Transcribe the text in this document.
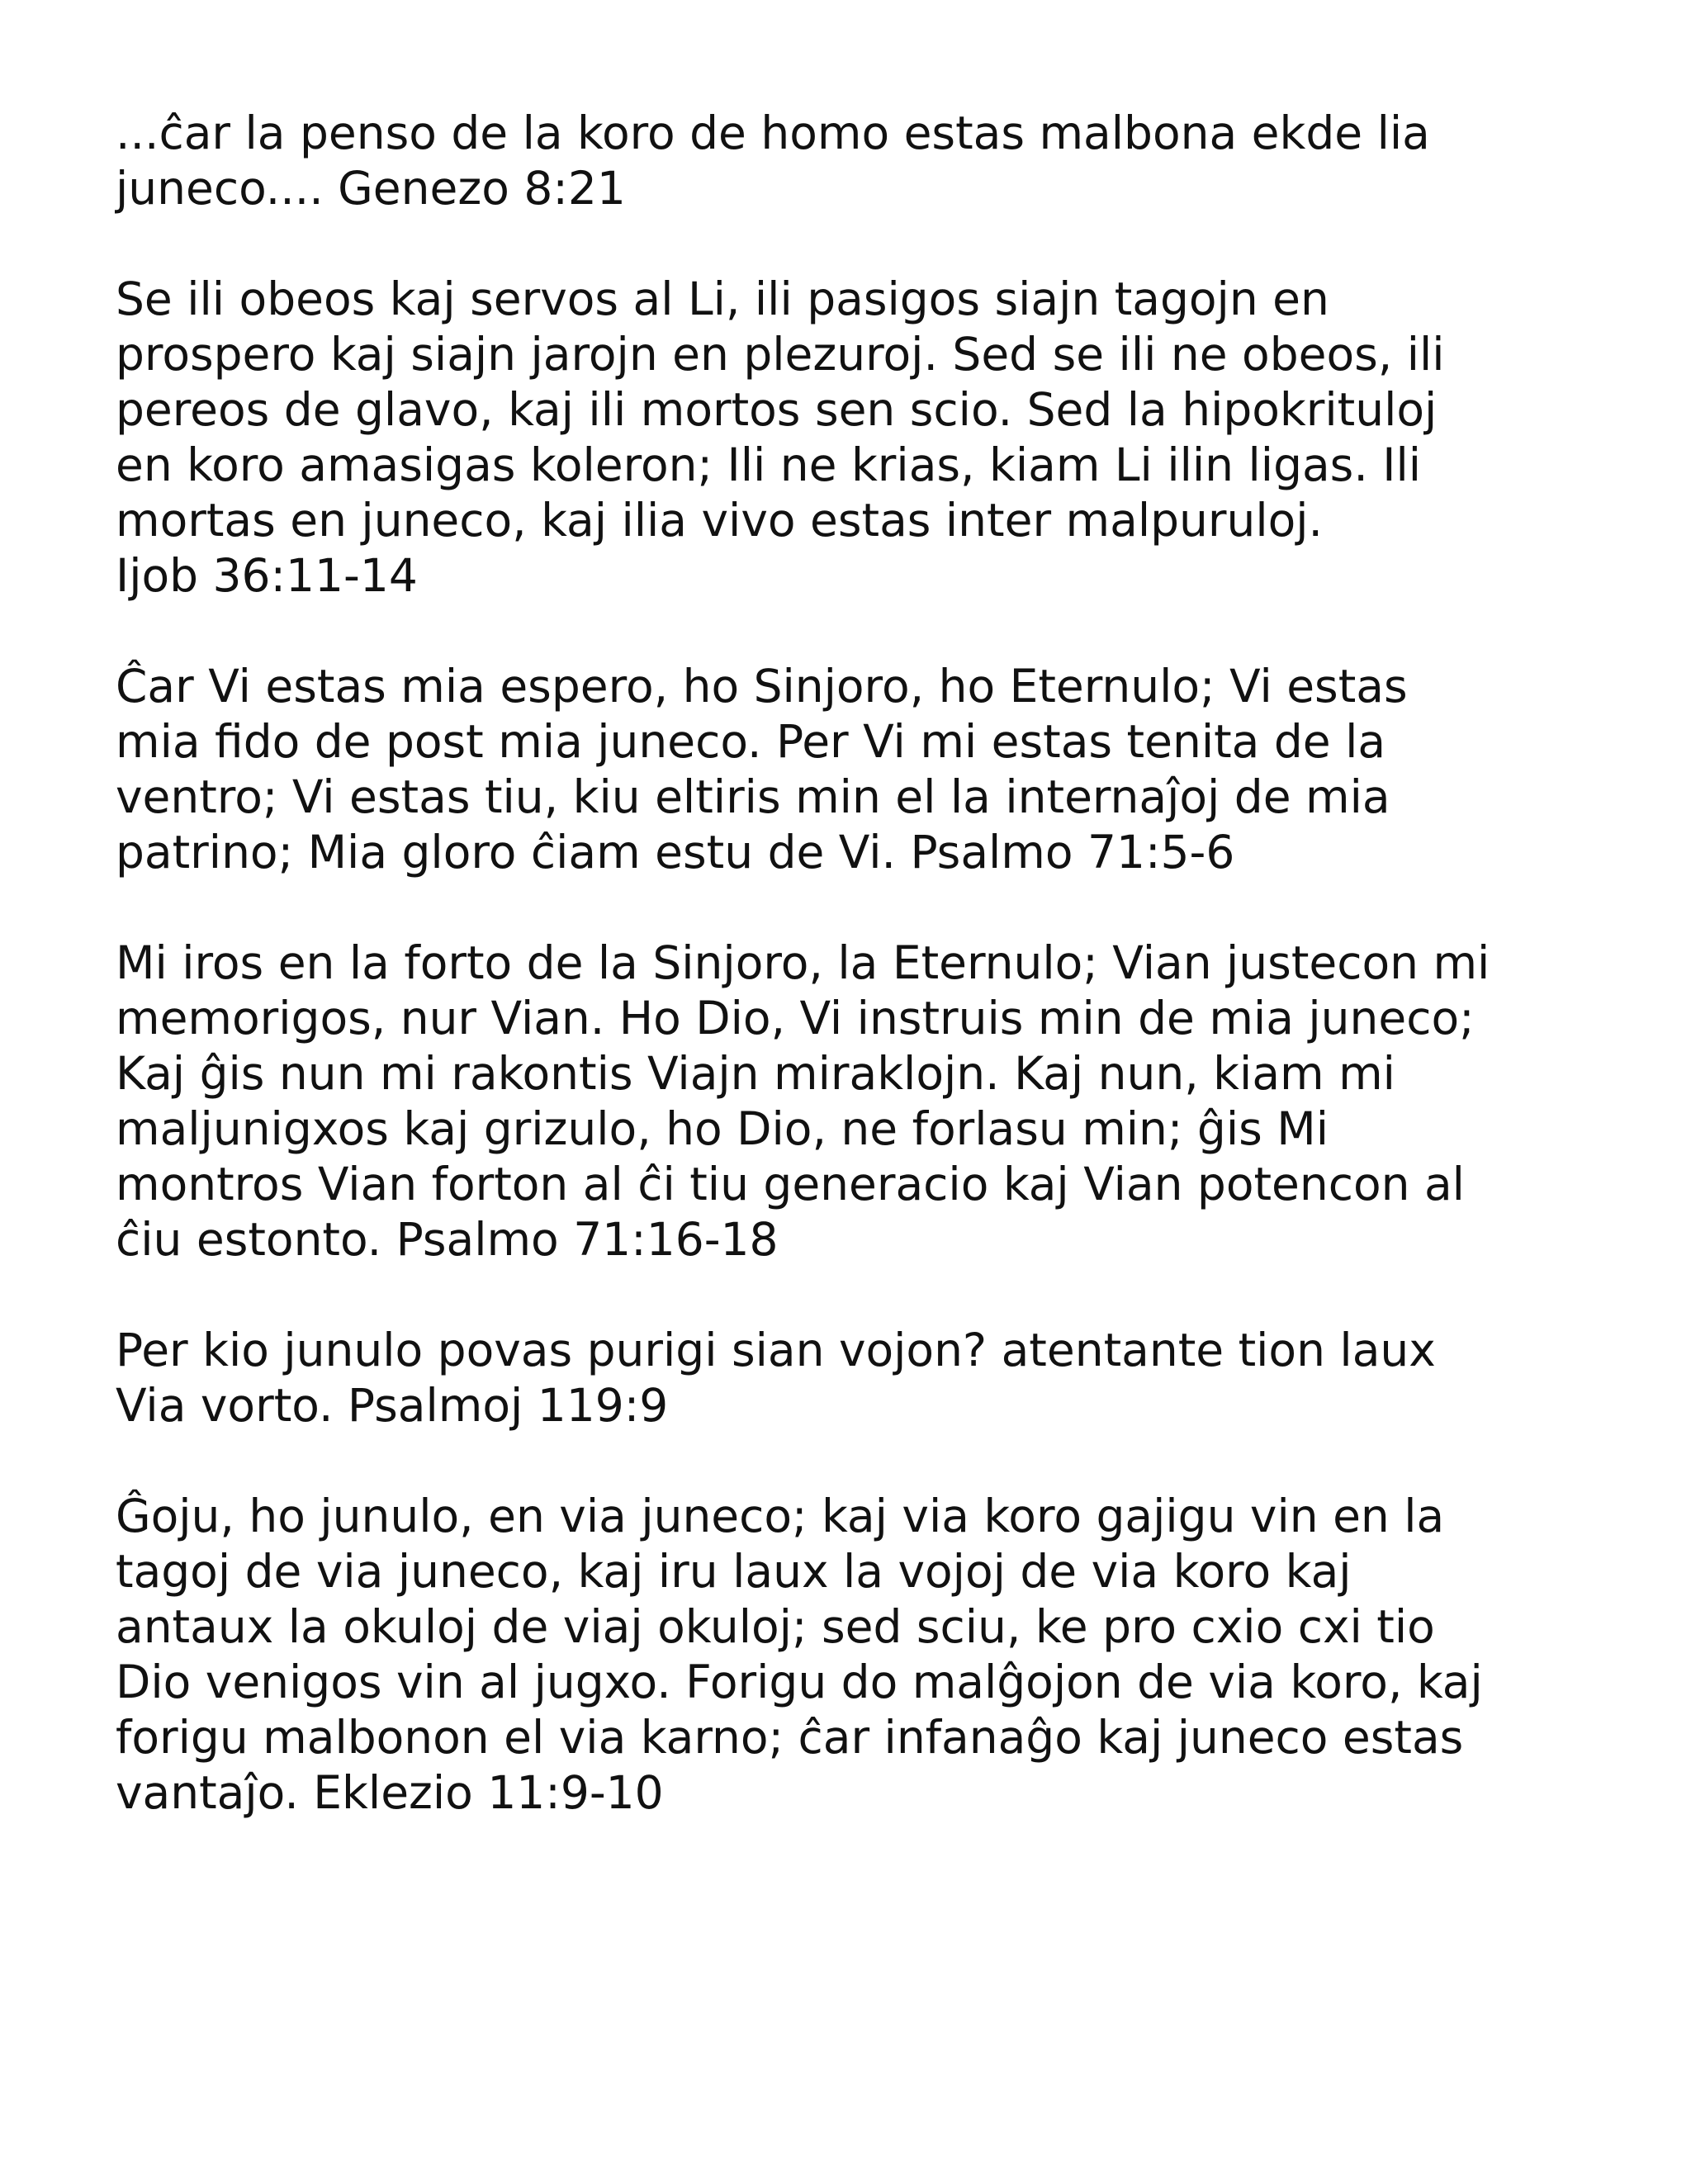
...ĉar la penso de la koro de homo estas malbona ekde lia
juneco.... Genezo 8:21
Se ili obeos kaj servos al Li, ili pasigos siajn tagojn en
prospero kaj siajn jarojn en plezuroj. Sed se ili ne obeos, ili
pereos de glavo, kaj ili mortos sen scio. Sed la hipokrituloj
en koro amasigas koleron; Ili ne krias, kiam Li ilin ligas. Ili
mortas en juneco, kaj ilia vivo estas inter malpuruloj.
Ijob 36:11-14
Ĉar Vi estas mia espero, ho Sinjoro, ho Eternulo; Vi estas
mia fido de post mia juneco. Per Vi mi estas tenita de la
ventro; Vi estas tiu, kiu eltiris min el la internaĵoj de mia
patrino; Mia gloro ĉiam estu de Vi. Psalmo 71:5-6
Mi iros en la forto de la Sinjoro, la Eternulo; Vian justecon mi
memorigos, nur Vian. Ho Dio, Vi instruis min de mia juneco;
Kaj ĝis nun mi rakontis Viajn miraklojn. Kaj nun, kiam mi
maljunigxos kaj grizulo, ho Dio, ne forlasu min; ĝis Mi
montros Vian forton al ĉi tiu generacio kaj Vian potencon al
ĉiu estonto. Psalmo 71:16-18
Per kio junulo povas purigi sian vojon? atentante tion laux
Via vorto. Psalmoj 119:9
Ĝoju, ho junulo, en via juneco; kaj via koro gajigu vin en la
tagoj de via juneco, kaj iru laux la vojoj de via koro kaj
antaux la okuloj de viaj okuloj; sed sciu, ke pro cxio cxi tio
Dio venigos vin al jugxo. Forigu do malĝojon de via koro, kaj
forigu malbonon el via karno; ĉar infanaĝo kaj juneco estas
vantaĵo. Eklezio 11:9-10
